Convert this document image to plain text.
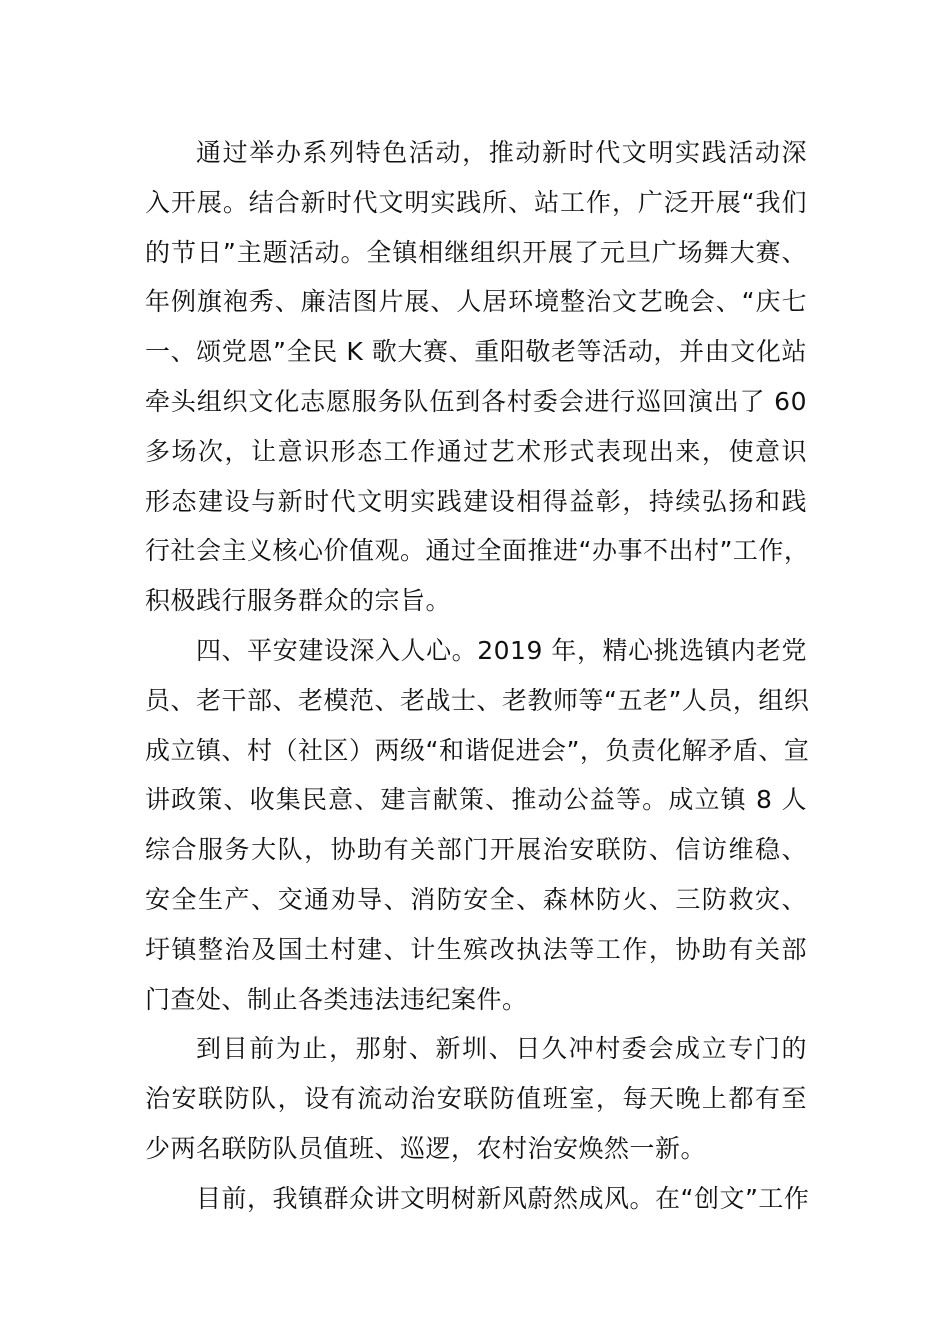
通过举办系列特色活动，推动新时代文明实践活动深
入开展。结合新时代文明实践所、站工作，广泛开展“我们
的节日”主题活动。全镇相继组织开展了元旦广场舞大赛、
年例旗袍秀、廉洁图片展、人居环境整治文艺晚会、“庆七
一、颂党恩”全民 K 歌大赛、重阳敬老等活动，并由文化站
牵头组织文化志愿服务队伍到各村委会进行巡回演出了 60
多场次，让意识形态工作通过艺术形式表现出来，使意识
形态建设与新时代文明实践建设相得益彰，持续弘扬和践
行社会主义核心价值观。通过全面推进“办事不出村”工作，
积极践行服务群众的宗旨。

四、平安建设深入人心。2019 年，精心挑选镇内老党
员、老干部、老模范、老战士、老教师等“五老”人员，组织
成立镇、村（社区）两级“和谐促进会”，负责化解矛盾、宣
讲政策、收集民意、建言献策、推动公益等。成立镇 8 人
综合服务大队，协助有关部门开展治安联防、信访维稳、
安全生产、交通劝导、消防安全、森林防火、三防救灾、
圩镇整治及国土村建、计生殡改执法等工作，协助有关部
门查处、制止各类违法违纪案件。

到目前为止，那射、新圳、日久冲村委会成立专门的
治安联防队，设有流动治安联防值班室，每天晚上都有至
少两名联防队员值班、巡逻，农村治安焕然一新。

目前，我镇群众讲文明树新风蔚然成风。在“创文”工作
